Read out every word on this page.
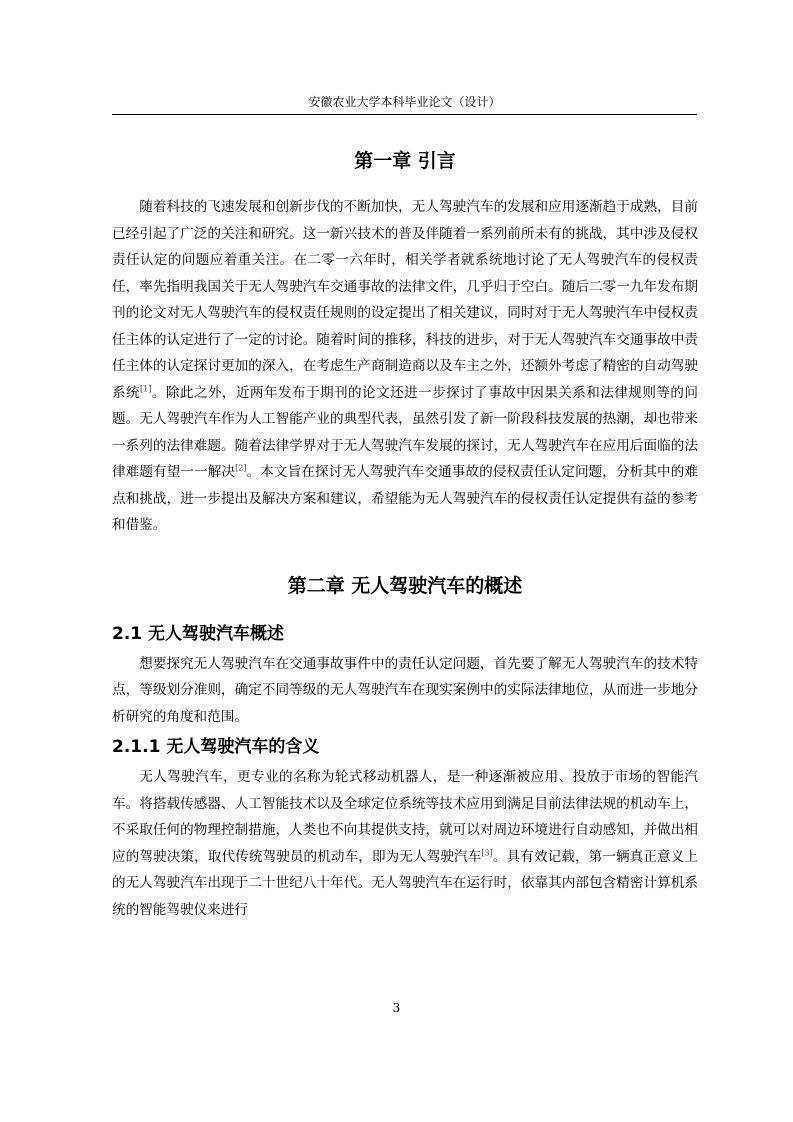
安徽农业大学本科毕业论文（设计）
第一章 引言

随着科技的飞速发展和创新步伐的不断加快，无人驾驶汽车的发展和应用逐渐趋于成熟，目前已经引起了广泛的关注和研究。这一新兴技术的普及伴随着一系列前所未有的挑战，其中涉及侵权责任认定的问题应着重关注。在二零一六年时，相关学者就系统地讨论了无人驾驶汽车的侵权责任，率先指明我国关于无人驾驶汽车交通事故的法律文件，几乎归于空白。随后二零一九年发布期刊的论文对无人驾驶汽车的侵权责任规则的设定提出了相关建议，同时对于无人驾驶汽车中侵权责任主体的认定进行了一定的讨论。随着时间的推移，科技的进步，对于无人驾驶汽车交通事故中责任主体的认定探讨更加的深入，在考虑生产商制造商以及车主之外，还额外考虑了精密的自动驾驶系统[1]。除此之外，近两年发布于期刊的论文还进一步探讨了事故中因果关系和法律规则等的问题。无人驾驶汽车作为人工智能产业的典型代表，虽然引发了新一阶段科技发展的热潮，却也带来一系列的法律难题。随着法律学界对于无人驾驶汽车发展的探讨，无人驾驶汽车在应用后面临的法律难题有望一一解决[2]。本文旨在探讨无人驾驶汽车交通事故的侵权责任认定问题，分析其中的难点和挑战，进一步提出及解决方案和建议，希望能为无人驾驶汽车的侵权责任认定提供有益的参考和借鉴。

第二章 无人驾驶汽车的概述
2.1 无人驾驶汽车概述

想要探究无人驾驶汽车在交通事故事件中的责任认定问题，首先要了解无人驾驶汽车的技术特点，等级划分准则，确定不同等级的无人驾驶汽车在现实案例中的实际法律地位，从而进一步地分析研究的角度和范围。

2.1.1 无人驾驶汽车的含义

无人驾驶汽车，更专业的名称为轮式移动机器人，是一种逐渐被应用、投放于市场的智能汽车。将搭载传感器、人工智能技术以及全球定位系统等技术应用到满足目前法律法规的机动车上，不采取任何的物理控制措施，人类也不向其提供支持，就可以对周边环境进行自动感知，并做出相应的驾驶决策，取代传统驾驶员的机动车，即为无人驾驶汽车[3]。具有效记载，第一辆真正意义上的无人驾驶汽车出现于二十世纪八十年代。无人驾驶汽车在运行时，依靠其内部包含精密计算机系统的智能驾驶仪来进行

3
